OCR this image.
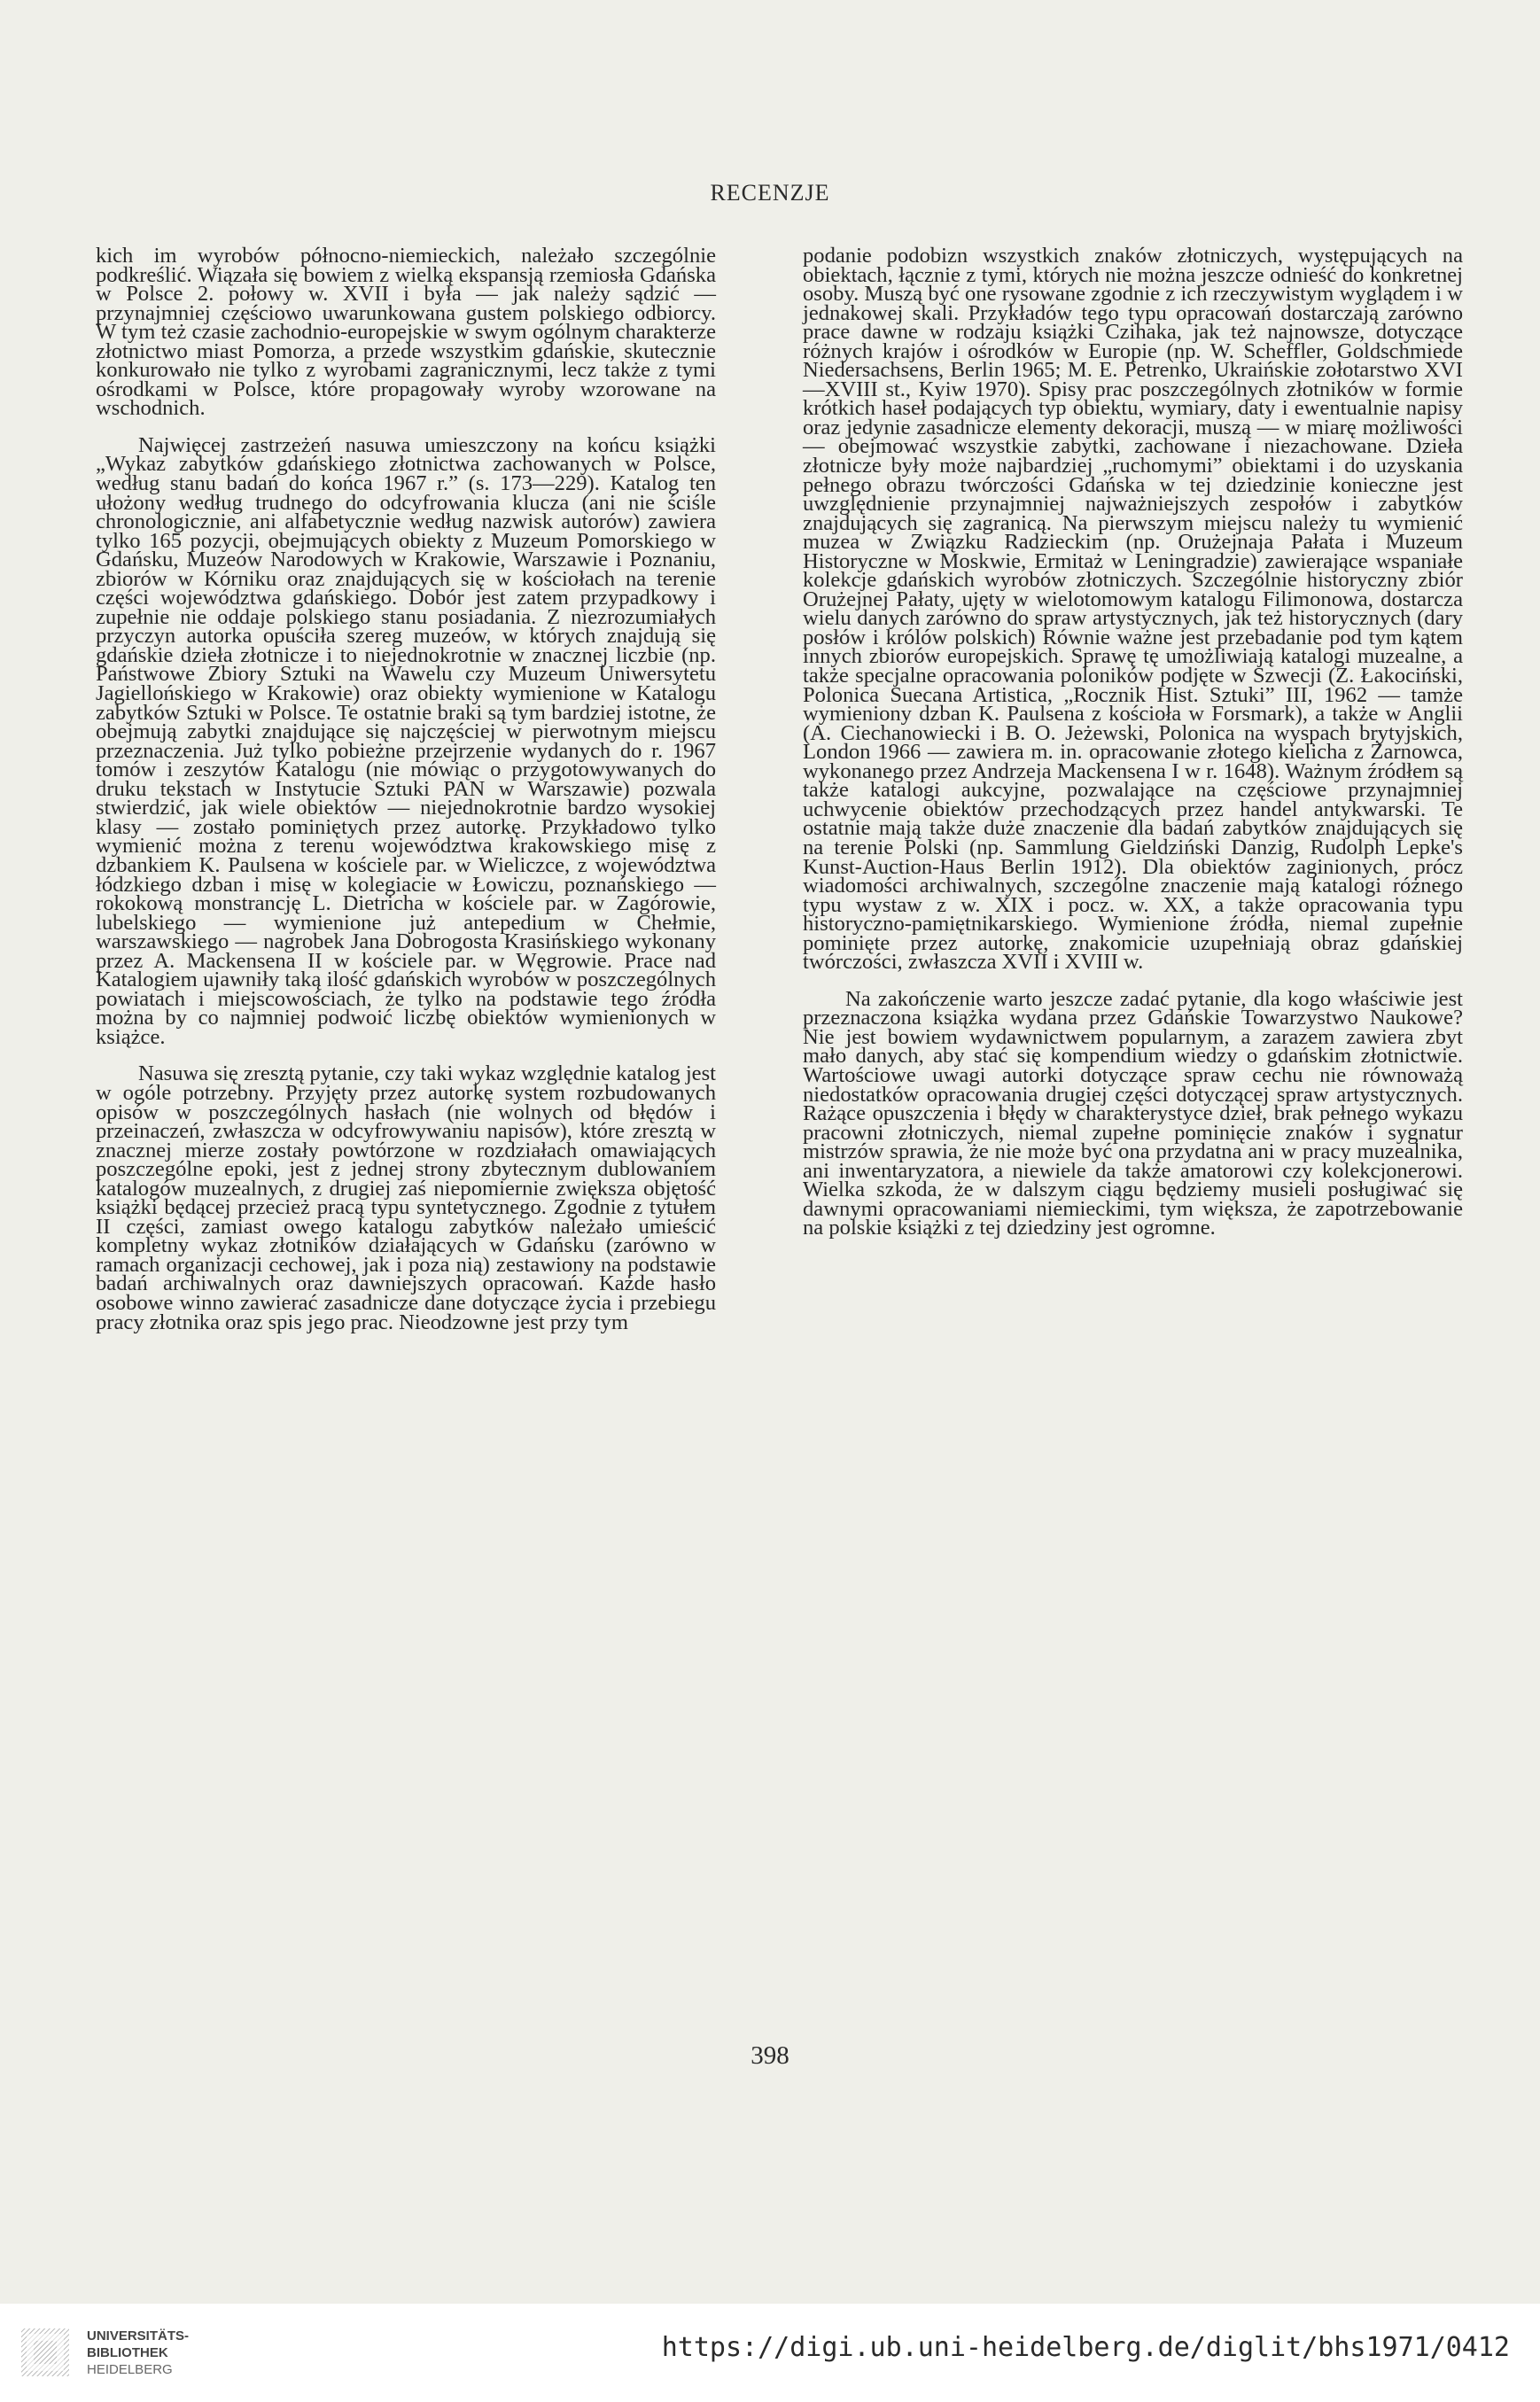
RECENZJE

kich im wyrobów północno-niemieckich, należało szczególnie podkreślić. Wiązała się bowiem z wielką ekspansją rzemiosła Gdańska w Polsce 2. połowy w. XVII i była — jak należy sądzić — przynajmniej częściowo uwarunkowana gustem polskiego odbiorcy. W tym też czasie zachodnio-europejskie w swym ogólnym charakterze złotnictwo miast Pomorza, a przede wszystkim gdańskie, skutecznie konkurowało nie tylko z wyrobami zagranicznymi, lecz także z tymi ośrodkami w Polsce, które propagowały wyroby wzorowane na wschodnich.

Najwięcej zastrzeżeń nasuwa umieszczony na końcu książki „Wykaz zabytków gdańskiego złotnictwa zachowanych w Polsce, według stanu badań do końca 1967 r.” (s. 173—229). Katalog ten ułożony według trudnego do odcyfrowania klucza (ani nie ściśle chronologicznie, ani alfabetycznie według nazwisk autorów) zawiera tylko 165 pozycji, obejmujących obiekty z Muzeum Pomorskiego w Gdańsku, Muzeów Narodowych w Krakowie, Warszawie i Poznaniu, zbiorów w Kórniku oraz znajdujących się w kościołach na terenie części województwa gdańskiego. Dobór jest zatem przypadkowy i zupełnie nie oddaje polskiego stanu posiadania. Z niezrozumiałych przyczyn autorka opuściła szereg muzeów, w których znajdują się gdańskie dzieła złotnicze i to niejednokrotnie w znacznej liczbie (np. Państwowe Zbiory Sztuki na Wawelu czy Muzeum Uniwersytetu Jagiellońskiego w Krakowie) oraz obiekty wymienione w Katalogu zabytków Sztuki w Polsce. Te ostatnie braki są tym bardziej istotne, że obejmują zabytki znajdujące się najczęściej w pierwotnym miejscu przeznaczenia. Już tylko pobieżne przejrzenie wydanych do r. 1967 tomów i zeszytów Katalogu (nie mówiąc o przygotowywanych do druku tekstach w Instytucie Sztuki PAN w Warszawie) pozwala stwierdzić, jak wiele obiektów — niejednokrotnie bardzo wysokiej klasy — zostało pominiętych przez autorkę. Przykładowo tylko wymienić można z terenu województwa krakowskiego misę z dzbankiem K. Paulsena w kościele par. w Wieliczce, z województwa łódzkiego dzban i misę w kolegiacie w Łowiczu, poznańskiego — rokokową monstrancję L. Dietricha w kościele par. w Zagórowie, lubelskiego — wymienione już antepedium w Chełmie, warszawskiego — nagrobek Jana Dobrogosta Krasińskiego wykonany przez A. Mackensena II w kościele par. w Węgrowie. Prace nad Katalogiem ujawniły taką ilość gdańskich wyrobów w poszczególnych powiatach i miejscowościach, że tylko na podstawie tego źródła można by co najmniej podwoić liczbę obiektów wymienionych w książce.

Nasuwa się zresztą pytanie, czy taki wykaz względnie katalog jest w ogóle potrzebny. Przyjęty przez autorkę system rozbudowanych opisów w poszczególnych hasłach (nie wolnych od błędów i przeinaczeń, zwłaszcza w odcyfrowywaniu napisów), które zresztą w znacznej mierze zostały powtórzone w rozdziałach omawiających poszczególne epoki, jest z jednej strony zbytecznym dublowaniem katalogów muzealnych, z drugiej zaś niepomiernie zwiększa objętość książki będącej przecież pracą typu syntetycznego. Zgodnie z tytułem II części, zamiast owego katalogu zabytków należało umieścić kompletny wykaz złotników działających w Gdańsku (zarówno w ramach organizacji cechowej, jak i poza nią) zestawiony na podstawie badań archiwalnych oraz dawniejszych opracowań. Każde hasło osobowe winno zawierać zasadnicze dane dotyczące życia i przebiegu pracy złotnika oraz spis jego prac. Nieodzowne jest przy tym

podanie podobizn wszystkich znaków złotniczych, występujących na obiektach, łącznie z tymi, których nie można jeszcze odnieść do konkretnej osoby. Muszą być one rysowane zgodnie z ich rzeczywistym wyglądem i w jednakowej skali. Przykładów tego typu opracowań dostarczają zarówno prace dawne w rodzaju książki Czihaka, jak też najnowsze, dotyczące różnych krajów i ośrodków w Europie (np. W. Scheffler, Goldschmiede Niedersachsens, Berlin 1965; M. E. Petrenko, Ukraińskie zołotarstwo XVI—XVIII st., Kyiw 1970). Spisy prac poszczególnych złotników w formie krótkich haseł podających typ obiektu, wymiary, daty i ewentualnie napisy oraz jedynie zasadnicze elementy dekoracji, muszą — w miarę możliwości — obejmować wszystkie zabytki, zachowane i niezachowane. Dzieła złotnicze były może najbardziej „ruchomymi” obiektami i do uzyskania pełnego obrazu twórczości Gdańska w tej dziedzinie konieczne jest uwzględnienie przynajmniej najważniejszych zespołów i zabytków znajdujących się zagranicą. Na pierwszym miejscu należy tu wymienić muzea w Związku Radzieckim (np. Orużejnaja Pałata i Muzeum Historyczne w Moskwie, Ermitaż w Leningradzie) zawierające wspaniałe kolekcje gdańskich wyrobów złotniczych. Szczególnie historyczny zbiór Orużejnej Pałaty, ujęty w wielotomowym katalogu Filimonowa, dostarcza wielu danych zarówno do spraw artystycznych, jak też historycznych (dary posłów i królów polskich) Równie ważne jest przebadanie pod tym kątem innych zbiorów europejskich. Sprawę tę umożliwiają katalogi muzealne, a także specjalne opracowania poloników podjęte w Szwecji (Z. Łakociński, Polonica Suecana Artistica, „Rocznik Hist. Sztuki” III, 1962 — tamże wymieniony dzban K. Paulsena z kościoła w Forsmark), a także w Anglii (A. Ciechanowiecki i B. O. Jeżewski, Polonica na wyspach brytyjskich, London 1966 — zawiera m. in. opracowanie złotego kielicha z Żarnowca, wykonanego przez Andrzeja Mackensena I w r. 1648). Ważnym źródłem są także katalogi aukcyjne, pozwalające na częściowe przynajmniej uchwycenie obiektów przechodzących przez handel antykwarski. Te ostatnie mają także duże znaczenie dla badań zabytków znajdujących się na terenie Polski (np. Sammlung Gieldziński Danzig, Rudolph Lepke's Kunst-Auction-Haus Berlin 1912). Dla obiektów zaginionych, prócz wiadomości archiwalnych, szczególne znaczenie mają katalogi różnego typu wystaw z w. XIX i pocz. w. XX, a także opracowania typu historyczno-pamiętnikarskiego. Wymienione źródła, niemal zupełnie pominięte przez autorkę, znakomicie uzupełniają obraz gdańskiej twórczości, zwłaszcza XVII i XVIII w.

Na zakończenie warto jeszcze zadać pytanie, dla kogo właściwie jest przeznaczona książka wydana przez Gdańskie Towarzystwo Naukowe? Nie jest bowiem wydawnictwem popularnym, a zarazem zawiera zbyt mało danych, aby stać się kompendium wiedzy o gdańskim złotnictwie. Wartościowe uwagi autorki dotyczące spraw cechu nie równoważą niedostatków opracowania drugiej części dotyczącej spraw artystycznych. Rażące opuszczenia i błędy w charakterystyce dzieł, brak pełnego wykazu pracowni złotniczych, niemal zupełne pominięcie znaków i sygnatur mistrzów sprawia, że nie może być ona przydatna ani w pracy muzealnika, ani inwentaryzatora, a niewiele da także amatorowi czy kolekcjonerowi. Wielka szkoda, że w dalszym ciągu będziemy musieli posługiwać się dawnymi opracowaniami niemieckimi, tym większa, że zapotrzebowanie na polskie książki z tej dziedziny jest ogromne.

398
UNIVERSITÄTS-
BIBLIOTHEK
HEIDELBERG
https://digi.ub.uni-heidelberg.de/diglit/bhs1971/0412
